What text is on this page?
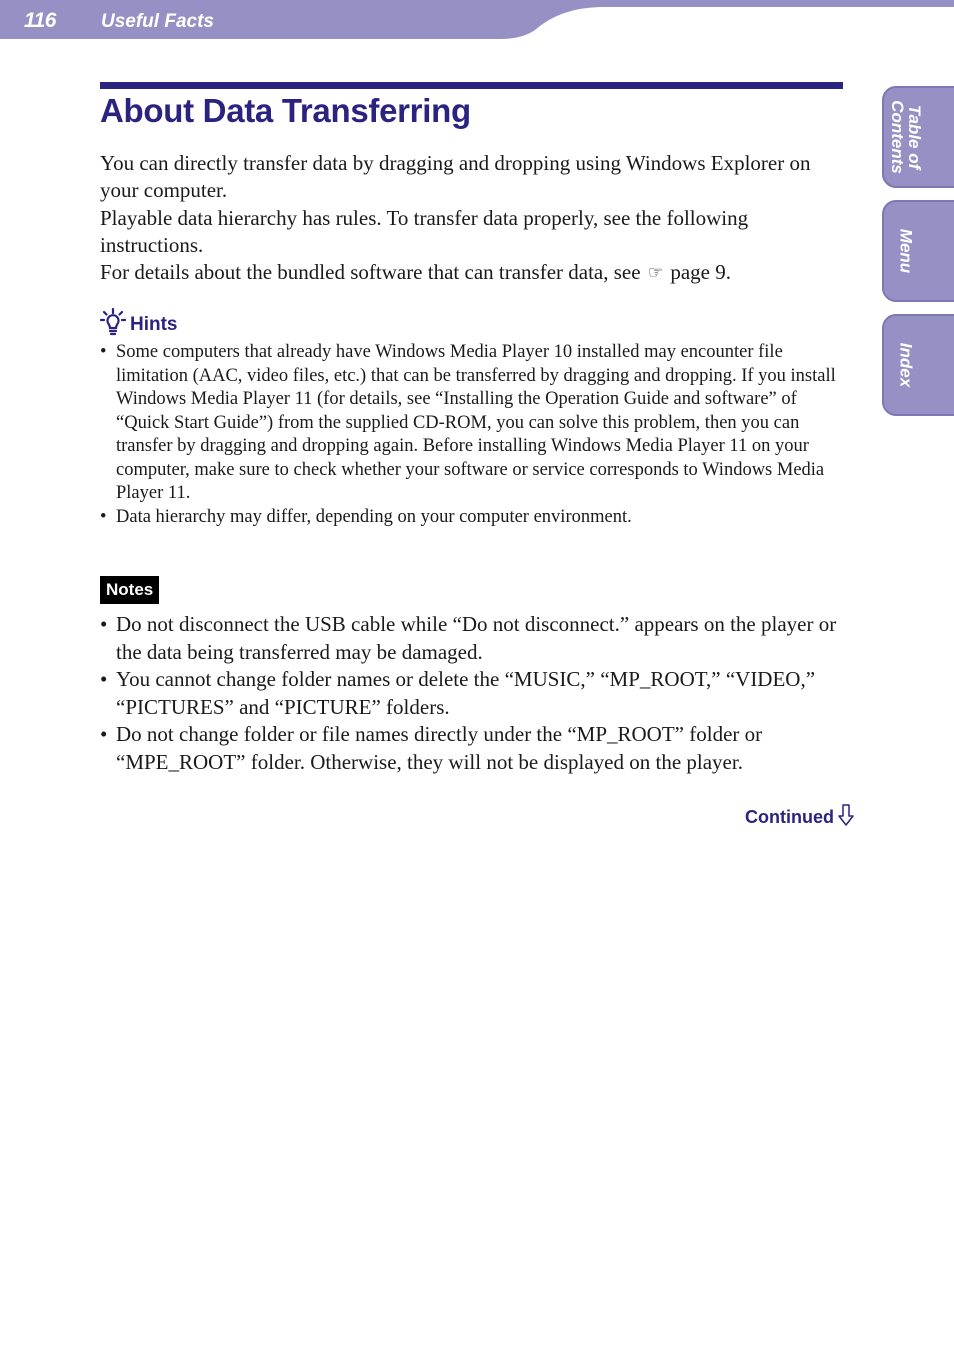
116 Useful Facts
Table of
Contents
Menu
Index
About Data Transferring

You can directly transfer data by dragging and dropping using Windows Explorer on your computer.

Playable data hierarchy has rules. To transfer data properly, see the following instructions.

For details about the bundled software that can transfer data, see ☞ page 9.

Hints
• Some computers that already have Windows Media Player 10 installed may encounter file limitation (AAC, video files, etc.) that can be transferred by dragging and dropping. If you install Windows Media Player 11 (for details, see “Installing the Operation Guide and software” of “Quick Start Guide”) from the supplied CD-ROM, you can solve this problem, then you can transfer by dragging and dropping again. Before installing Windows Media Player 11 on your computer, make sure to check whether your software or service corresponds to Windows Media Player 11.
• Data hierarchy may differ, depending on your computer environment.
Notes
• Do not disconnect the USB cable while “Do not disconnect.” appears on the player or the data being transferred may be damaged.
• You cannot change folder names or delete the “MUSIC,” “MP_ROOT,” “VIDEO,” “PICTURES” and “PICTURE” folders.
• Do not change folder or file names directly under the “MP_ROOT” folder or “MPE_ROOT” folder. Otherwise, they will not be displayed on the player.
Continued
